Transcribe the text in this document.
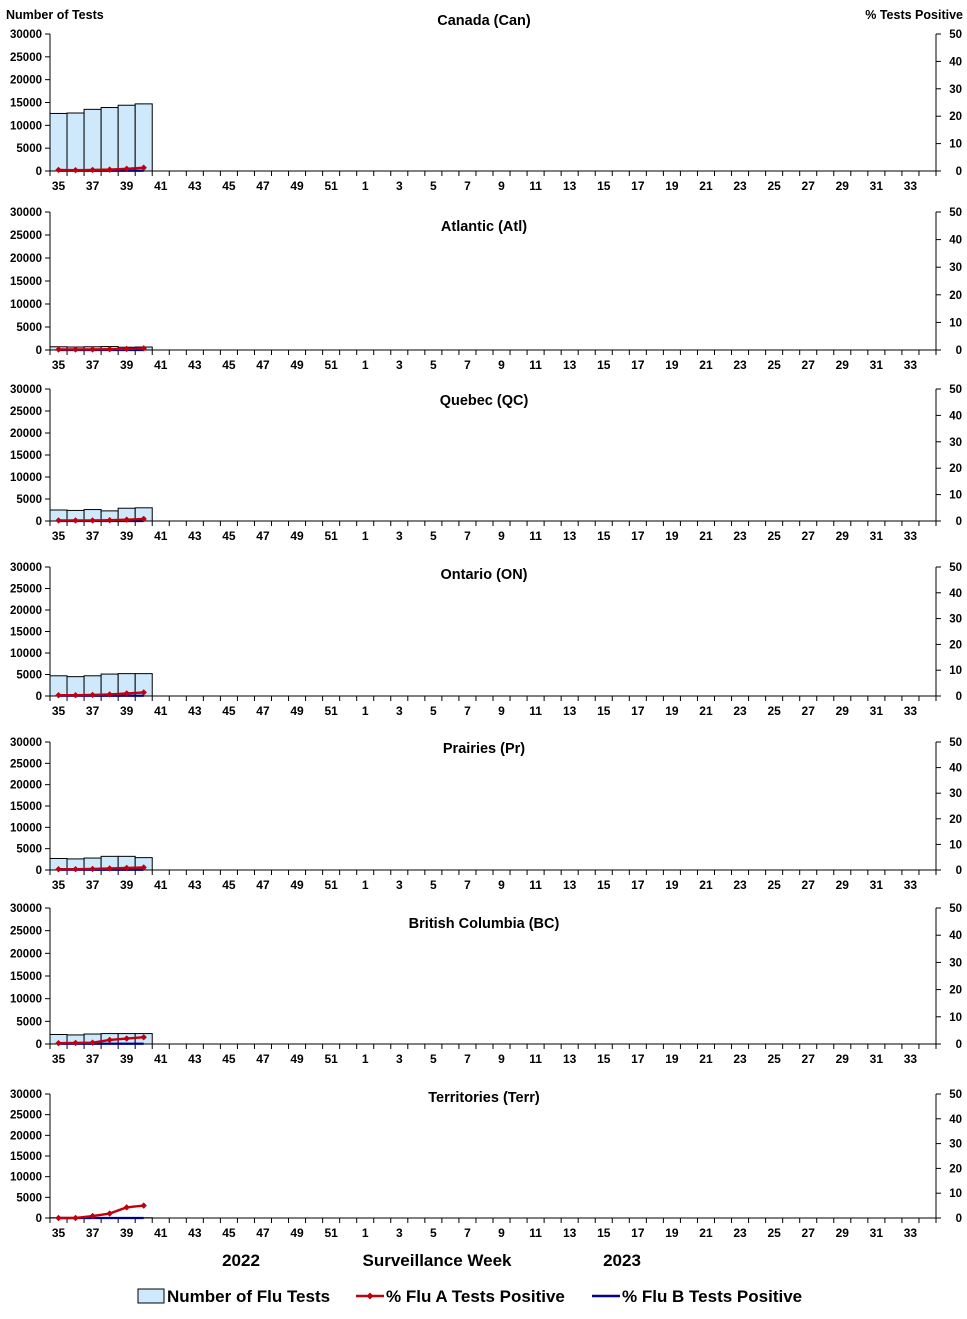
Number of Tests	% Tests Positive
Canada (Can)
0
5000
10000
15000
20000
25000
30000
0
10
20
30
40
50
35 37 39 41 43 45 47 49 51 1 3 5 7 9 11 13 15 17 19 21 23 25 27 29 31 33
Atlantic (Atl)
0
5000
10000
15000
20000
25000
30000
0
10
20
30
40
50
35 37 39 41 43 45 47 49 51 1 3 5 7 9 11 13 15 17 19 21 23 25 27 29 31 33
Quebec (QC)
0
5000
10000
15000
20000
25000
30000
0
10
20
30
40
50
35 37 39 41 43 45 47 49 51 1 3 5 7 9 11 13 15 17 19 21 23 25 27 29 31 33
Ontario (ON)
0
5000
10000
15000
20000
25000
30000
0
10
20
30
40
50
35 37 39 41 43 45 47 49 51 1 3 5 7 9 11 13 15 17 19 21 23 25 27 29 31 33
Prairies (Pr)
0
5000
10000
15000
20000
25000
30000
0
10
20
30
40
50
35 37 39 41 43 45 47 49 51 1 3 5 7 9 11 13 15 17 19 21 23 25 27 29 31 33
British Columbia (BC)
0
5000
10000
15000
20000
25000
30000
0
10
20
30
40
50
35 37 39 41 43 45 47 49 51 1 3 5 7 9 11 13 15 17 19 21 23 25 27 29 31 33
Territories (Terr)
0
5000
10000
15000
20000
25000
30000
0
10
20
30
40
50
35 37 39 41 43 45 47 49 51 1 3 5 7 9 11 13 15 17 19 21 23 25 27 29 31 33
2022	Surveillance Week	2023
Number of Flu Tests	% Flu A Tests Positive	% Flu B Tests Positive
